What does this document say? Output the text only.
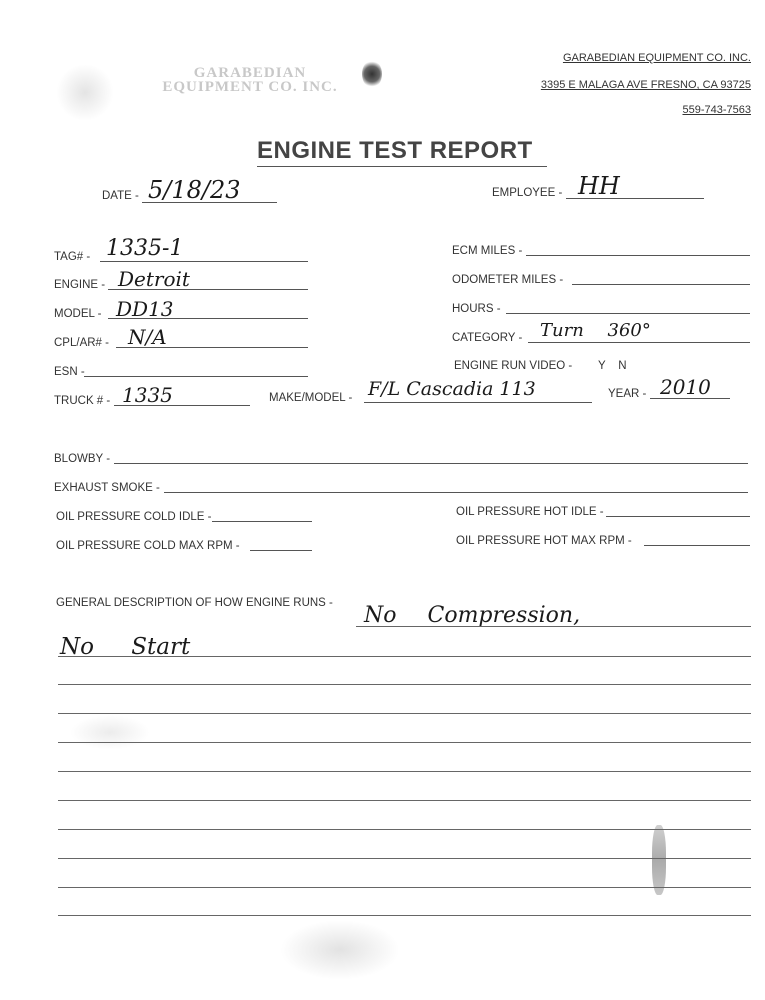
GARABEDIAN
EQUIPMENT CO. INC.
GARABEDIAN EQUIPMENT CO. INC.
3395 E MALAGA AVE FRESNO, CA 93725
559-743-7563
ENGINE TEST REPORT
DATE - 5/18/23	EMPLOYEE - HH
TAG# - 1335-1
ENGINE - Detroit
MODEL - DD13
CPL/AR# - N/A
ESN -
TRUCK # - 1335	MAKE/MODEL - F/L Cascadia 113	YEAR - 2010
ECM MILES -
ODOMETER MILES -
HOURS -
CATEGORY - Turn 360°
ENGINE RUN VIDEO - Y    N
BLOWBY -
EXHAUST SMOKE -
OIL PRESSURE COLD IDLE -
OIL PRESSURE COLD MAX RPM -
OIL PRESSURE HOT IDLE -
OIL PRESSURE HOT MAX RPM -
GENERAL DESCRIPTION OF HOW ENGINE RUNS - No Compression,
No Start
